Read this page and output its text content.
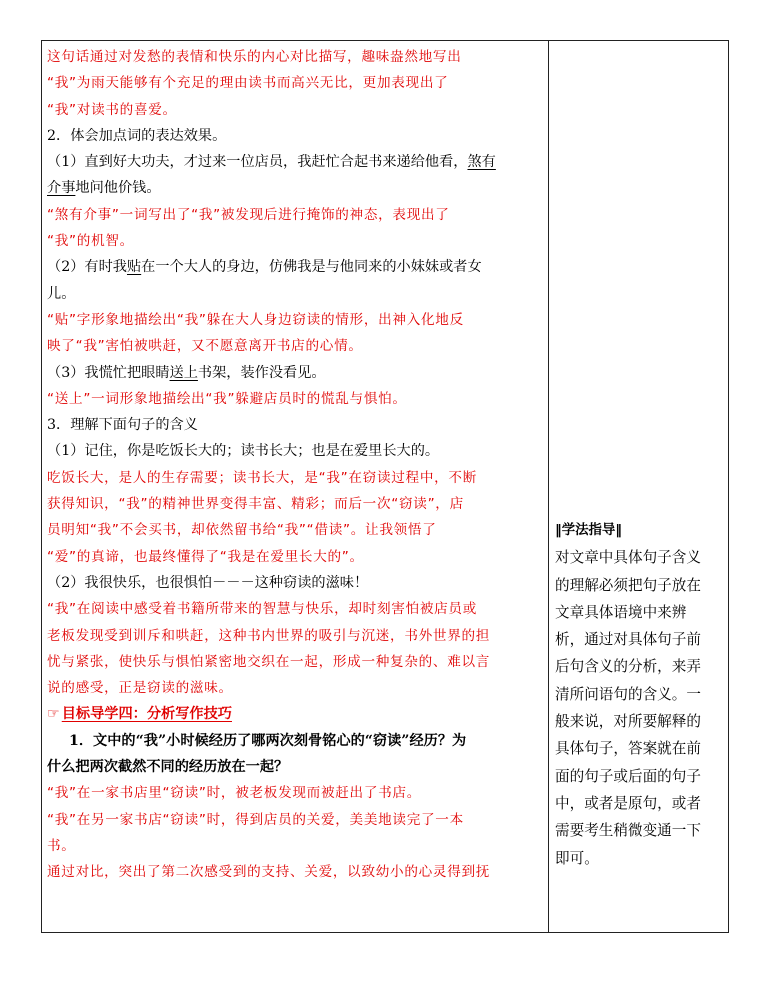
这句话通过对发愁的表情和快乐的内心对比描写，趣味盎然地写出
“我”为雨天能够有个充足的理由读书而高兴无比，更加表现出了
“我”对读书的喜爱。
2．体会加点词的表达效果。
（1）直到好大功夫，才过来一位店员，我赶忙合起书来递给他看，煞有
介事地问他价钱。
“煞有介事”一词写出了“我”被发现后进行掩饰的神态，表现出了
“我”的机智。
（2）有时我贴在一个大人的身边，仿佛我是与他同来的小妹妹或者女
儿。
“贴”字形象地描绘出“我”躲在大人身边窃读的情形，出神入化地反
映了“我”害怕被哄赶，又不愿意离开书店的心情。
（3）我慌忙把眼睛送上书架，装作没看见。
“送上”一词形象地描绘出“我”躲避店员时的慌乱与惧怕。
3．理解下面句子的含义
（1）记住，你是吃饭长大的；读书长大；也是在爱里长大的。
吃饭长大，是人的生存需要；读书长大，是“我”在窃读过程中，不断
获得知识，“我”的精神世界变得丰富、精彩；而后一次“窃读”，店
员明知“我”不会买书，却依然留书给“我”“借读”。让我领悟了
“爱”的真谛，也最终懂得了“我是在爱里长大的”。
（2）我很快乐，也很惧怕－－－这种窃读的滋味！
“我”在阅读中感受着书籍所带来的智慧与快乐，却时刻害怕被店员或
老板发现受到训斥和哄赶，这种书内世界的吸引与沉迷，书外世界的担
忧与紧张，使快乐与惧怕紧密地交织在一起，形成一种复杂的、难以言
说的感受，正是窃读的滋味。
☞ 目标导学四：分析写作技巧
1．文中的“我”小时候经历了哪两次刻骨铭心的“窃读”经历？为
什么把两次截然不同的经历放在一起？
“我”在一家书店里“窃读”时，被老板发现而被赶出了书店。
“我”在另一家书店“窃读”时，得到店员的关爱，美美地读完了一本
书。
通过对比，突出了第二次感受到的支持、关爱，以致幼小的心灵得到抚
‖学法指导‖
对文章中具体句子含义
的理解必须把句子放在
文章具体语境中来辨
析，通过对具体句子前
后句含义的分析，来弄
清所问语句的含义。一
般来说，对所要解释的
具体句子，答案就在前
面的句子或后面的句子
中，或者是原句，或者
需要考生稍微变通一下
即可。
